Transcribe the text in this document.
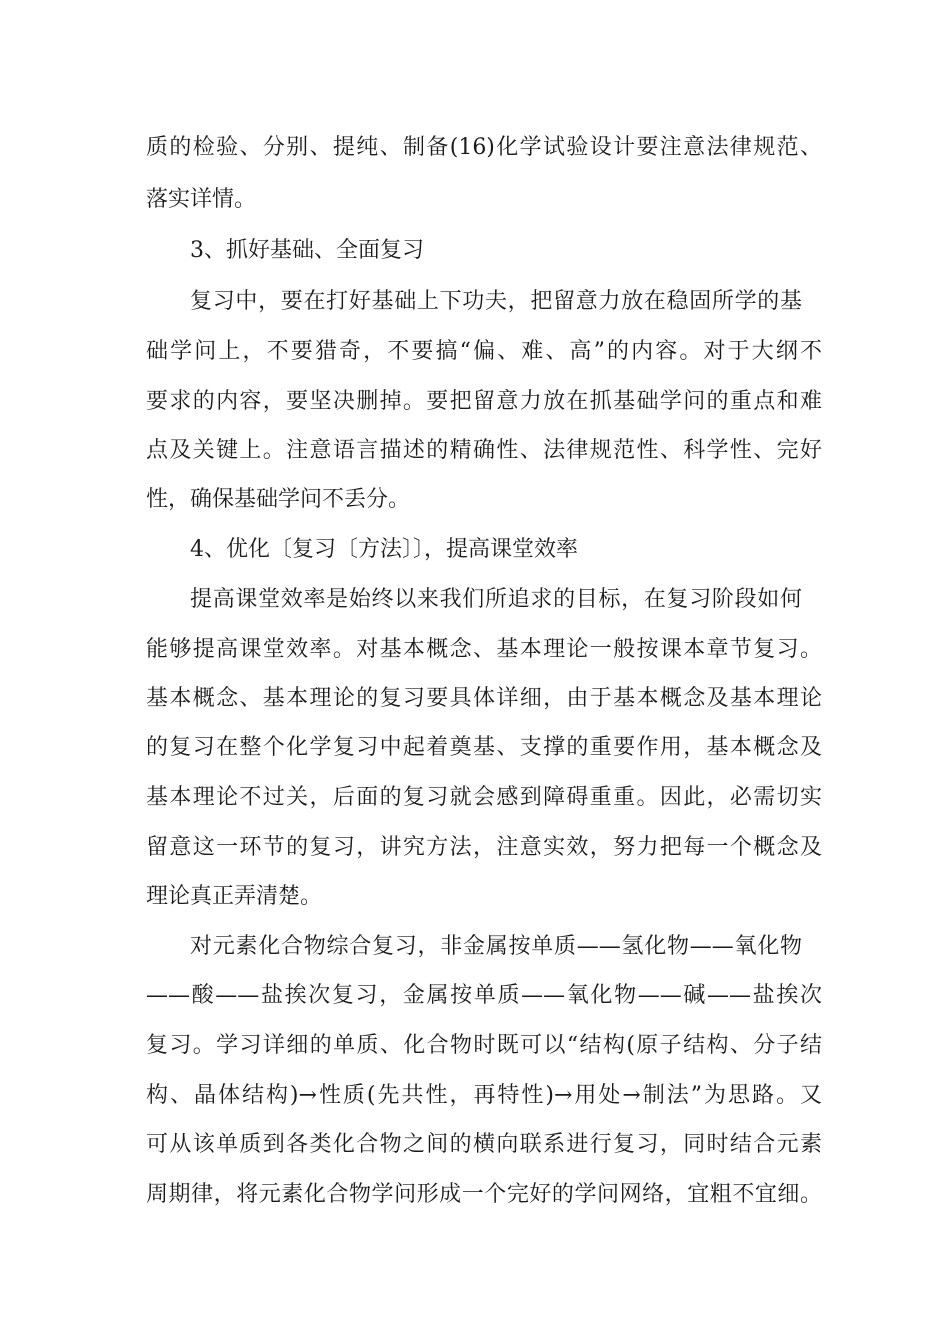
质的检验、分别、提纯、制备(16)化学试验设计要注意法律规范、
落实详情。
3、抓好基础、全面复习
复习中，要在打好基础上下功夫，把留意力放在稳固所学的基
础学问上，不要猎奇，不要搞“偏、难、高”的内容。对于大纲不
要求的内容，要坚决删掉。要把留意力放在抓基础学问的重点和难
点及关键上。注意语言描述的精确性、法律规范性、科学性、完好
性，确保基础学问不丢分。
4、优化〔复习〔方法〕〕，提高课堂效率
提高课堂效率是始终以来我们所追求的目标，在复习阶段如何
能够提高课堂效率。对基本概念、基本理论一般按课本章节复习。
基本概念、基本理论的复习要具体详细，由于基本概念及基本理论
的复习在整个化学复习中起着奠基、支撑的重要作用，基本概念及
基本理论不过关，后面的复习就会感到障碍重重。因此，必需切实
留意这一环节的复习，讲究方法，注意实效，努力把每一个概念及
理论真正弄清楚。
对元素化合物综合复习，非金属按单质——氢化物——氧化物
——酸——盐挨次复习，金属按单质——氧化物——碱——盐挨次
复习。学习详细的单质、化合物时既可以“结构(原子结构、分子结
构、晶体结构)→性质(先共性，再特性)→用处→制法”为思路。又
可从该单质到各类化合物之间的横向联系进行复习，同时结合元素
周期律，将元素化合物学问形成一个完好的学问网络，宜粗不宜细。
